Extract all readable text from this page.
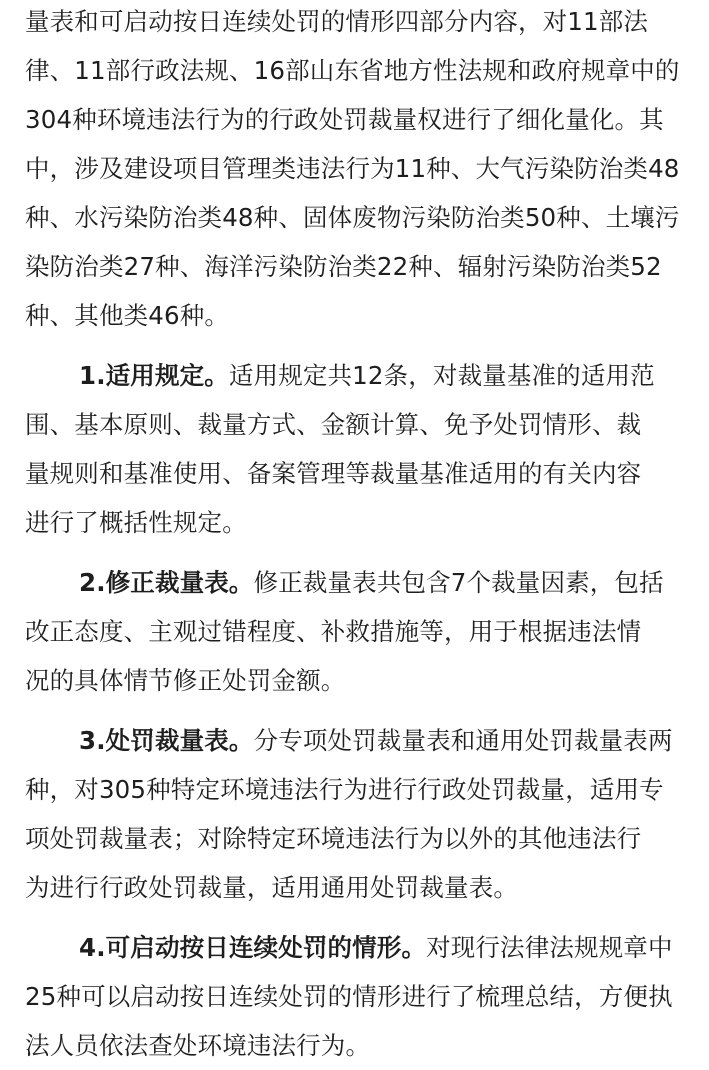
量表和可启动按日连续处罚的情形四部分内容，对11部法
律、11部行政法规、16部山东省地方性法规和政府规章中的
304种环境违法行为的行政处罚裁量权进行了细化量化。其
中，涉及建设项目管理类违法行为11种、大气污染防治类48
种、水污染防治类48种、固体废物污染防治类50种、土壤污
染防治类27种、海洋污染防治类22种、辐射污染防治类52
种、其他类46种。
1.适用规定。适用规定共12条，对裁量基准的适用范
围、基本原则、裁量方式、金额计算、免予处罚情形、裁
量规则和基准使用、备案管理等裁量基准适用的有关内容
进行了概括性规定。
2.修正裁量表。修正裁量表共包含7个裁量因素，包括
改正态度、主观过错程度、补救措施等，用于根据违法情
况的具体情节修正处罚金额。
3.处罚裁量表。分专项处罚裁量表和通用处罚裁量表两
种，对305种特定环境违法行为进行行政处罚裁量，适用专
项处罚裁量表；对除特定环境违法行为以外的其他违法行
为进行行政处罚裁量，适用通用处罚裁量表。
4.可启动按日连续处罚的情形。对现行法律法规规章中
25种可以启动按日连续处罚的情形进行了梳理总结，方便执
法人员依法查处环境违法行为。
